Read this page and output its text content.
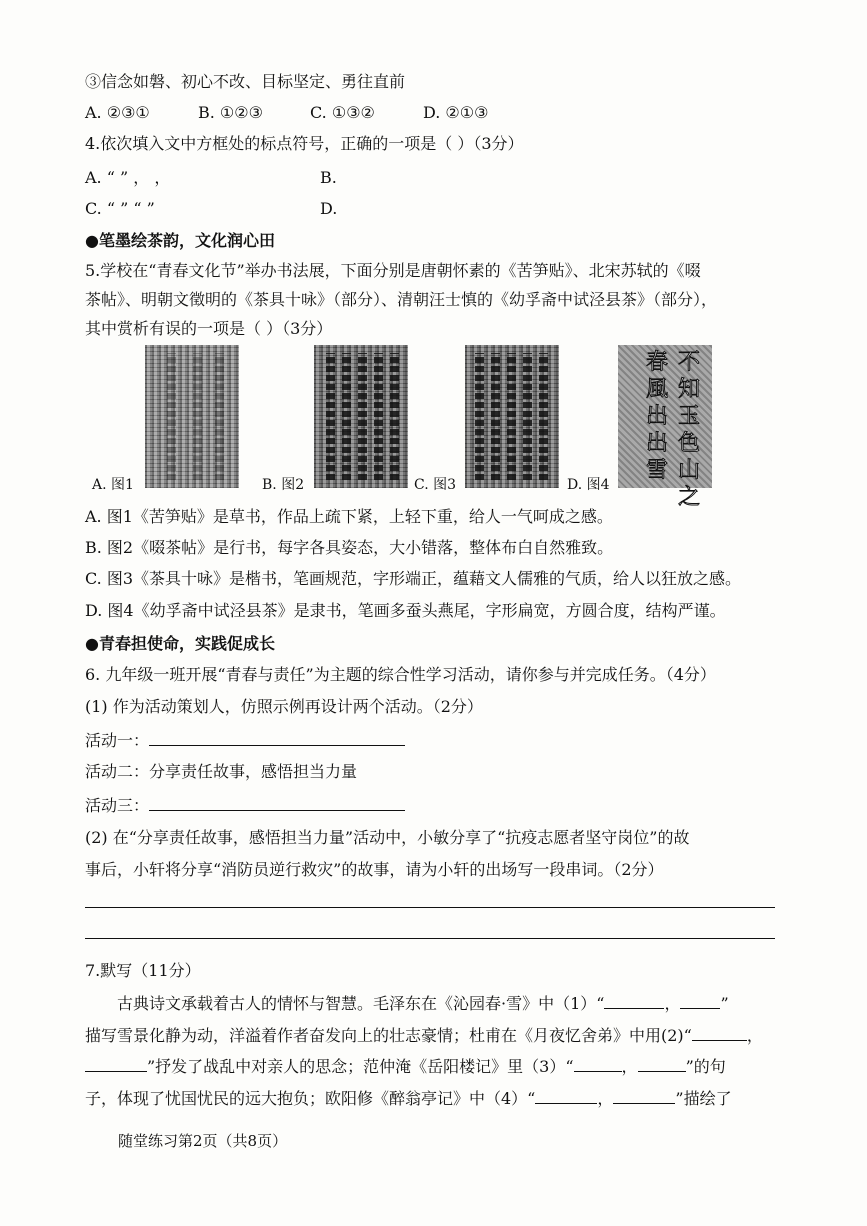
③信念如磐、初心不改、目标坚定、勇往直前
A. ②③①	B. ①②③	C. ①③②	D. ②①③
4.依次填入文中方框处的标点符号，正确的一项是（ ）（3分）
A. “ ” ， ，	B.
C. “ ” “ ”	D.
●笔墨绘茶韵，文化润心田
5.学校在“青春文化节”举办书法展，下面分别是唐朝怀素的《苦笋贴》、北宋苏轼的《啜
茶帖》、明朝文徵明的《茶具十咏》（部分）、清朝汪士慎的《幼孚斋中试泾县茶》（部分），
其中赏析有误的一项是（ ）（3分）
不知玉色山之
春風出出雪
A. 图1	B. 图2	C. 图3	D. 图4
A. 图1《苦笋贴》是草书，作品上疏下紧，上轻下重，给人一气呵成之感。
B. 图2《啜茶帖》是行书，每字各具姿态，大小错落，整体布白自然雅致。
C. 图3《茶具十咏》是楷书，笔画规范，字形端正，蕴藉文人儒雅的气质，给人以狂放之感。
D. 图4《幼孚斋中试泾县茶》是隶书，笔画多蚕头燕尾，字形扁宽，方圆合度，结构严谨。
●青春担使命，实践促成长
6. 九年级一班开展“青春与责任”为主题的综合性学习活动，请你参与并完成任务。（4分）
(1) 作为活动策划人，仿照示例再设计两个活动。（2分）
活动一：
活动二：分享责任故事，感悟担当力量
活动三：
(2) 在“分享责任故事，感悟担当力量”活动中，小敏分享了“抗疫志愿者坚守岗位”的故
事后，小轩将分享“消防员逆行救灾”的故事，请为小轩的出场写一段串词。（2分）
7.默写（11分）
古典诗文承载着古人的情怀与智慧。毛泽东在《沁园春·雪》中（1）“	，	”
描写雪景化静为动，洋溢着作者奋发向上的壮志豪情；杜甫在《月夜忆舍弟》中用(2)“	，
”抒发了战乱中对亲人的思念；范仲淹《岳阳楼记》里（3）“	，	”的句
子，体现了忧国忧民的远大抱负；欧阳修《醉翁亭记》中（4）“	，	”描绘了
随堂练习第2页（共8页）
